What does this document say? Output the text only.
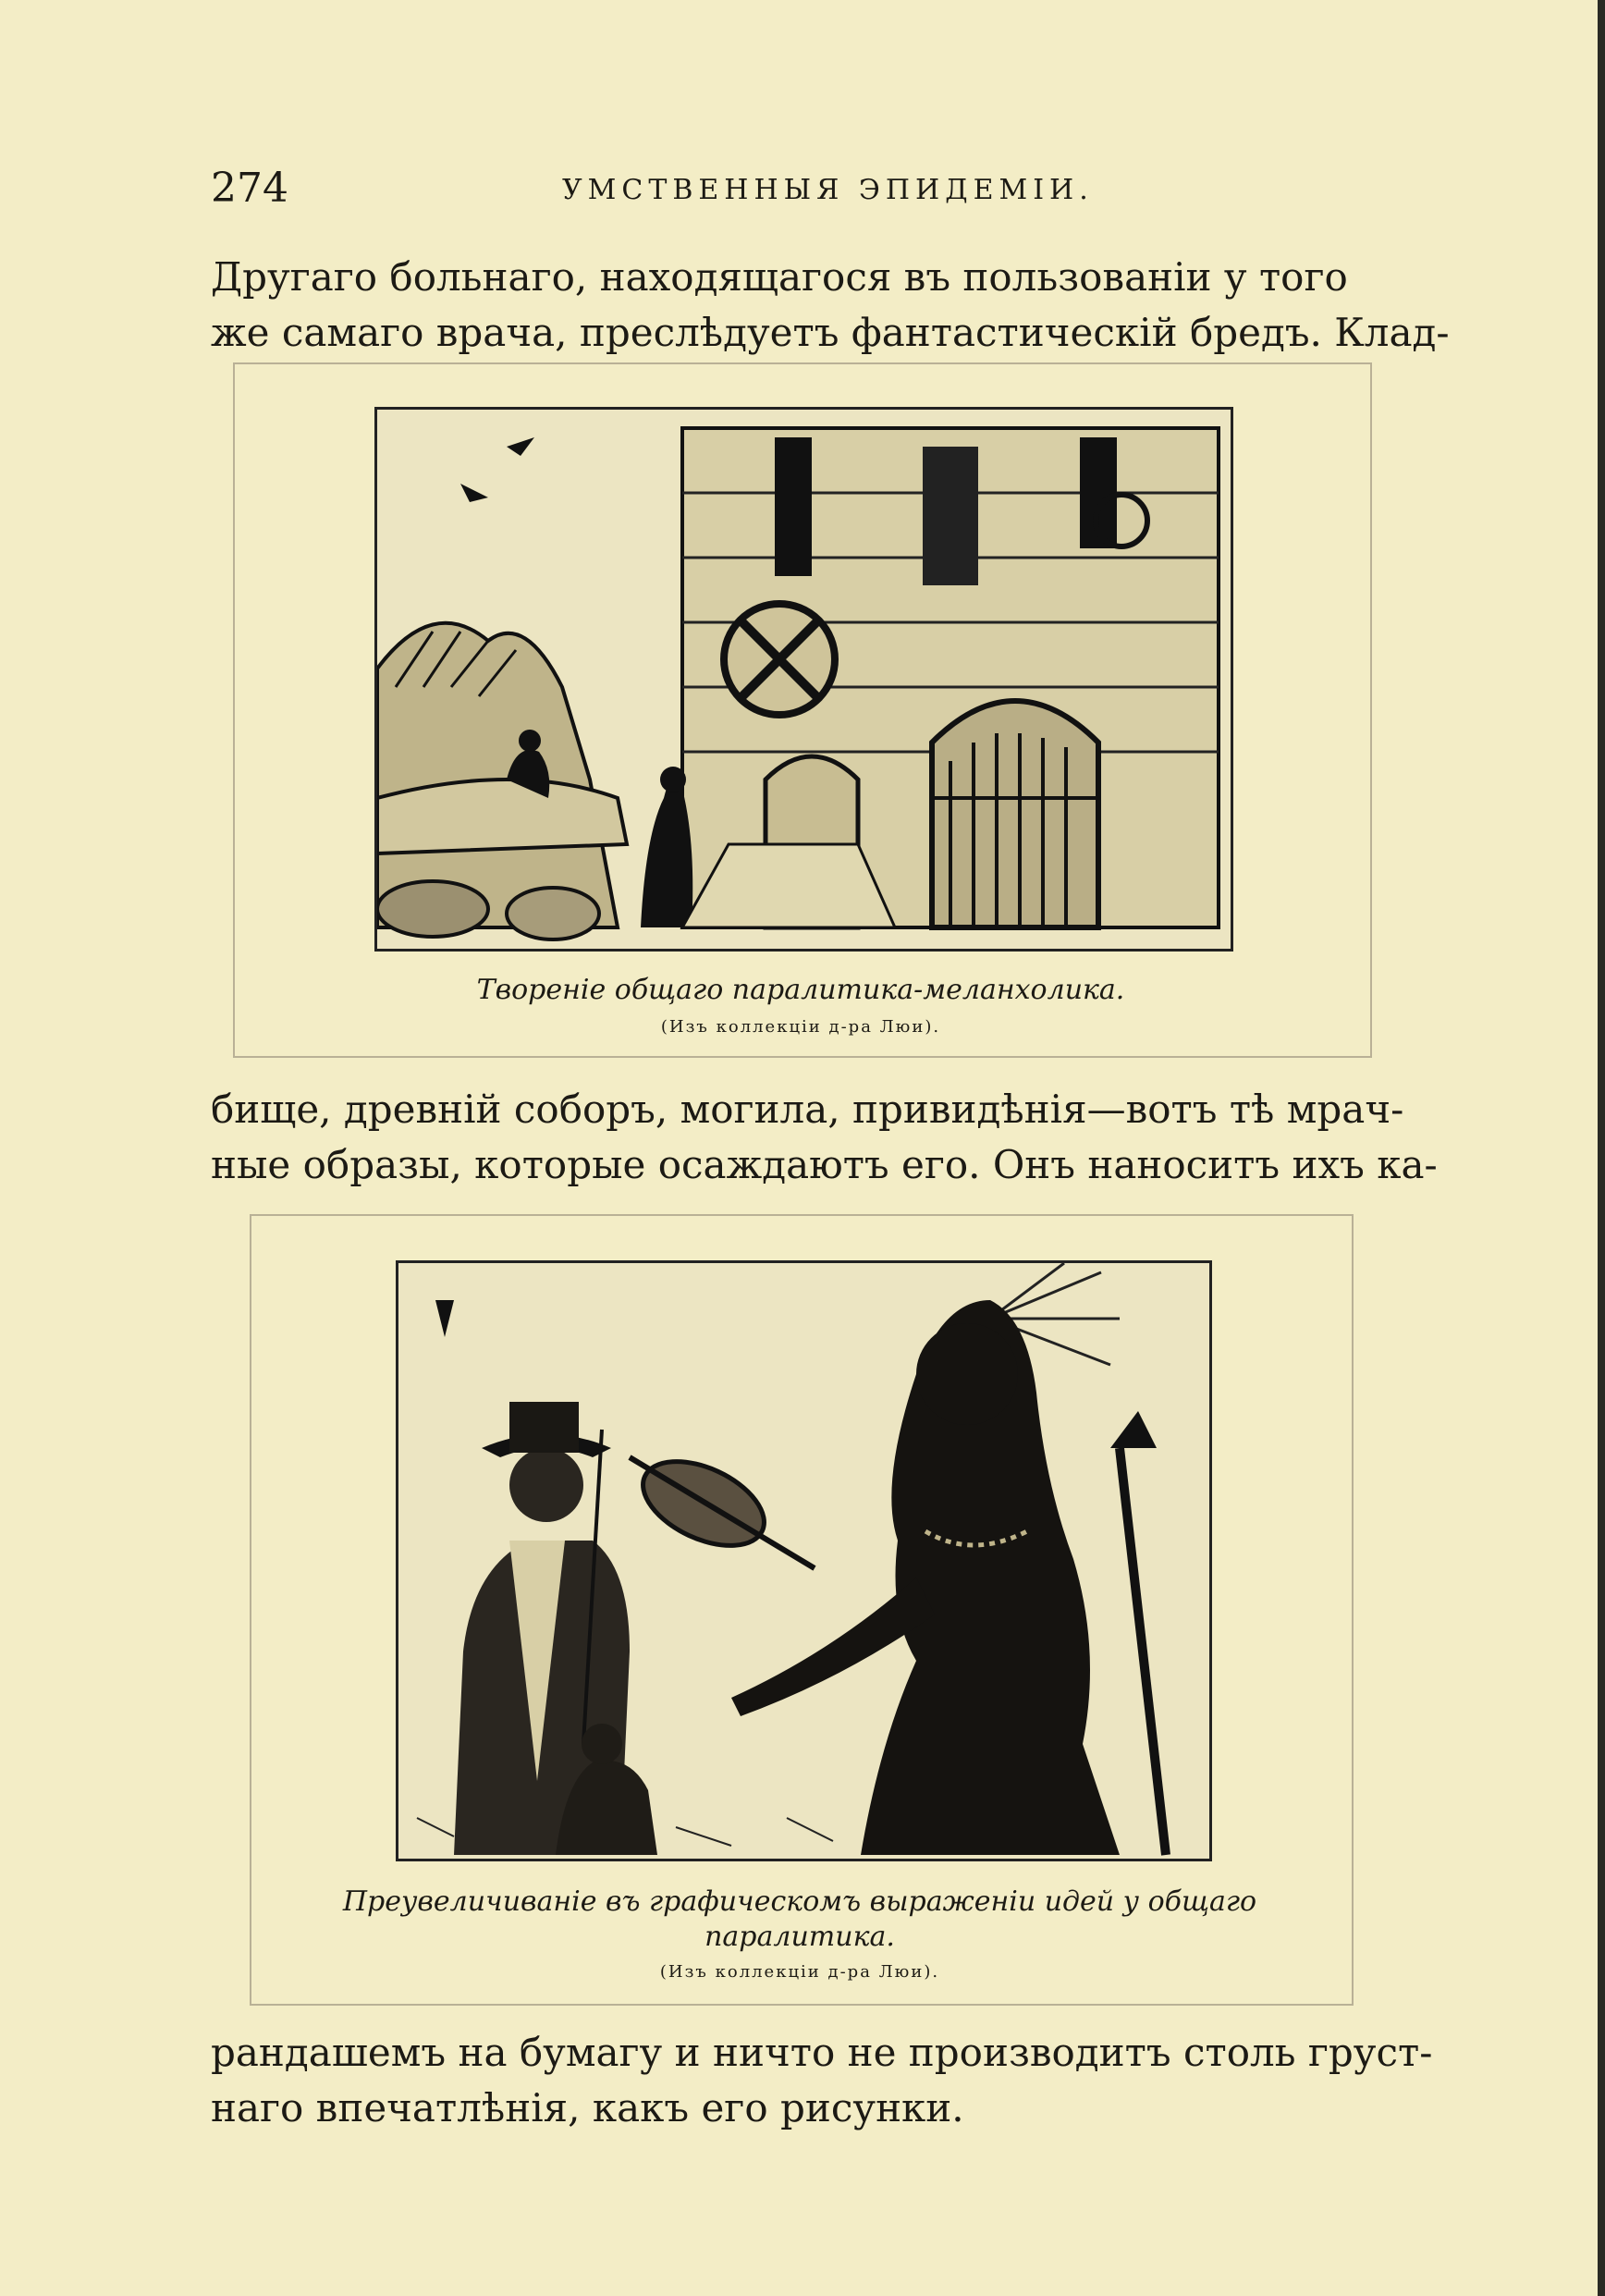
274	УМСТВЕННЫЯ ЭПИДЕМІИ.
Другаго больнаго, находящагося въ пользованіи у того
же самаго врача, преслѣдуетъ фантастическій бредъ. Клад-
Творенiе общаго паралитика-меланхолика.
(Изъ коллекціи д-ра Люи).
бище, древній соборъ, могила, привидѣнія—вотъ тѣ мрач-
ные образы, которые осаждаютъ его. Онъ наноситъ ихъ ка-
Преувеличиваніе въ графическомъ выраженіи идей у общаго
паралитика.
(Изъ коллекціи д-ра Люи).
рандашемъ на бумагу и ничто не производитъ столь груст-
наго впечатлѣнія, какъ его рисунки.
